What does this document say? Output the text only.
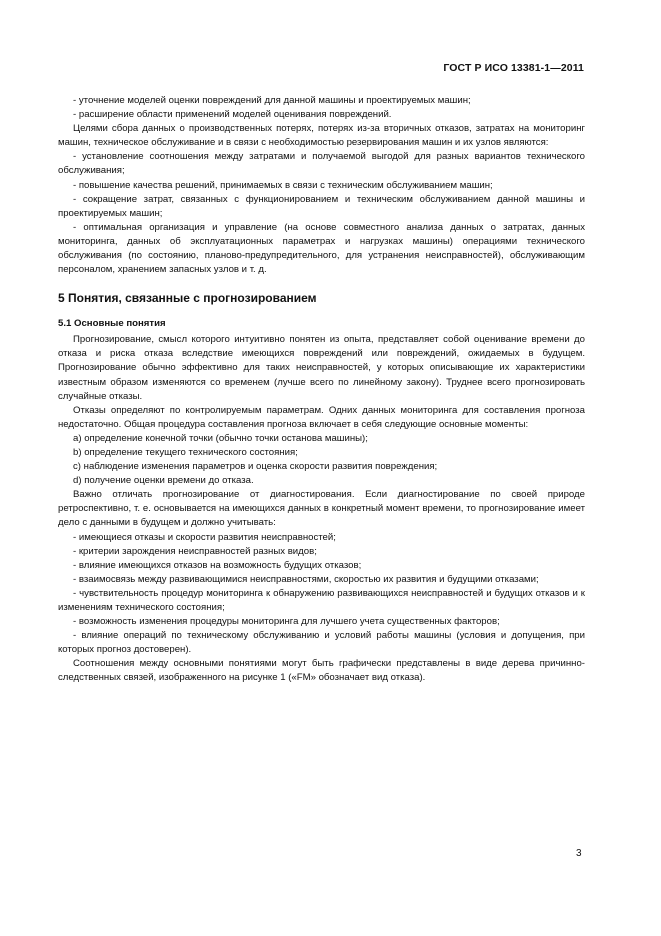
ГОСТ Р ИСО 13381-1—2011

- уточнение моделей оценки повреждений для данной машины и проектируемых машин;

- расширение области применений моделей оценивания повреждений.

Целями сбора данных о производственных потерях, потерях из-за вторичных отказов, затратах на мониторинг машин, техническое обслуживание и в связи с необходимостью резервирования машин и их узлов являются:

- установление соотношения между затратами и получаемой выгодой для разных вариантов технического обслуживания;

- повышение качества решений, принимаемых в связи с техническим обслуживанием машин;

- сокращение затрат, связанных с функционированием и техническим обслуживанием данной машины и проектируемых машин;

- оптимальная организация и управление (на основе совместного анализа данных о затратах, данных мониторинга, данных об эксплуатационных параметрах и нагрузках машины) операциями технического обслуживания (по состоянию, планово-предупредительного, для устранения неисправностей), обслуживающим персоналом, хранением запасных узлов и т. д.

5 Понятия, связанные с прогнозированием
5.1 Основные понятия

Прогнозирование, смысл которого интуитивно понятен из опыта, представляет собой оценивание времени до отказа и риска отказа вследствие имеющихся повреждений или повреждений, ожидаемых в будущем. Прогнозирование обычно эффективно для таких неисправностей, у которых описывающие их характеристики известным образом изменяются со временем (лучше всего по линейному закону). Труднее всего прогнозировать случайные отказы.

Отказы определяют по контролируемым параметрам. Одних данных мониторинга для составления прогноза недостаточно. Общая процедура составления прогноза включает в себя следующие основные моменты:

a) определение конечной точки (обычно точки останова машины);

b) определение текущего технического состояния;

c) наблюдение изменения параметров и оценка скорости развития повреждения;

d) получение оценки времени до отказа.

Важно отличать прогнозирование от диагностирования. Если диагностирование по своей природе ретроспективно, т. е. основывается на имеющихся данных в конкретный момент времени, то прогнозирование имеет дело с данными в будущем и должно учитывать:

- имеющиеся отказы и скорости развития неисправностей;

- критерии зарождения неисправностей разных видов;

- влияние имеющихся отказов на возможность будущих отказов;

- взаимосвязь между развивающимися неисправностями, скоростью их развития и будущими отказами;

- чувствительность процедур мониторинга к обнаружению развивающихся неисправностей и будущих отказов и к изменениям технического состояния;

- возможность изменения процедуры мониторинга для лучшего учета существенных факторов;

- влияние операций по техническому обслуживанию и условий работы машины (условия и допущения, при которых прогноз достоверен).

Соотношения между основными понятиями могут быть графически представлены в виде дерева причинно-следственных связей, изображенного на рисунке 1 («FM» обозначает вид отказа).

3
